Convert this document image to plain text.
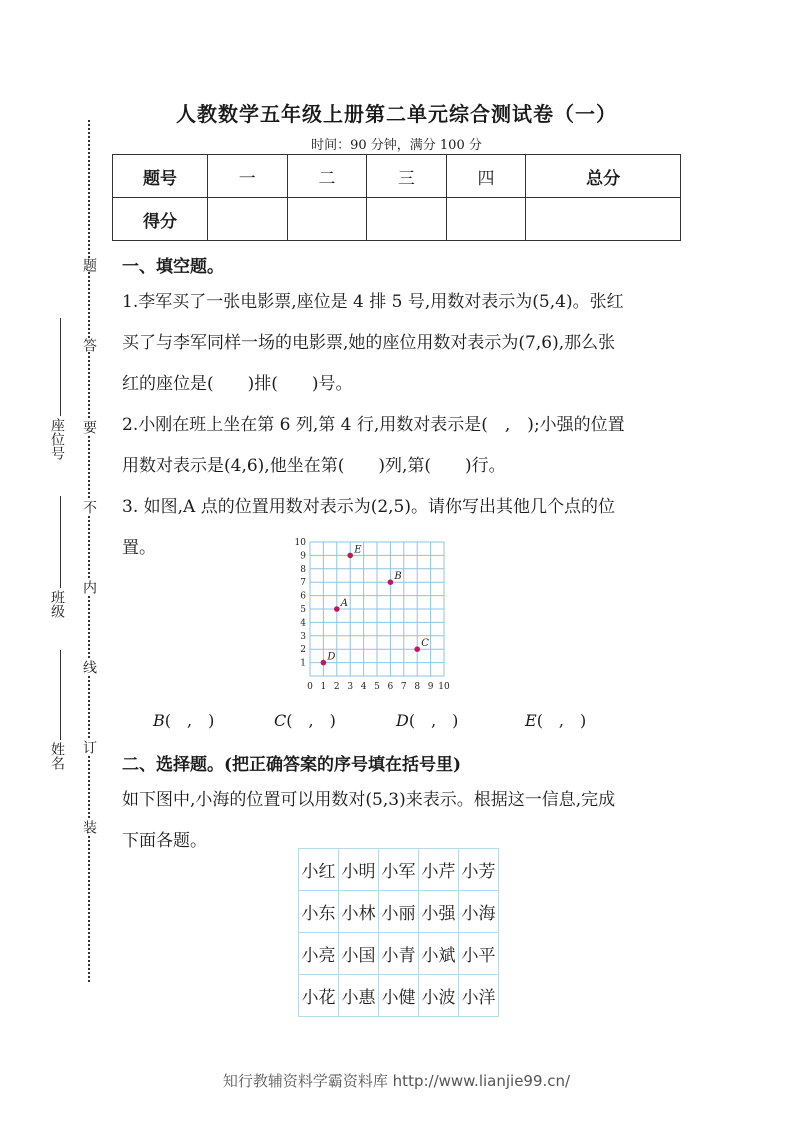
人教数学五年级上册第二单元综合测试卷（一）
时间：90 分钟，满分 100 分
题号	一	二	三	四	总分
得分					
题
答
要
不
内
线
订
装
座位号
班级
姓名
一、填空题。
1.李军买了一张电影票,座位是 4 排 5 号,用数对表示为(5,4)。张红
买了与李军同样一场的电影票,她的座位用数对表示为(7,6),那么张
红的座位是(　　)排(　　)号。
2.小刚在班上坐在第 6 列,第 4 行,用数对表示是(　,　);小强的位置
用数对表示是(4,6),他坐在第(　　)列,第(　　)行。
3. 如图,A 点的位置用数对表示为(2,5)。请你写出其他几个点的位
置。
0 1 2 3 4 5 6 7 8 9 10
1
2
3
4
5
6
7
8
9
10
A
B
C
D
E
B(　,　)	C(　,　)	D(　,　)	E(　,　)
二、选择题。(把正确答案的序号填在括号里)
如下图中,小海的位置可以用数对(5,3)来表示。根据这一信息,完成
下面各题。
小红	小明	小军	小芹	小芳
小东	小林	小丽	小强	小海
小亮	小国	小青	小斌	小平
小花	小惠	小健	小波	小洋
知行教辅资料学霸资料库 http://www.lianjie99.cn/
